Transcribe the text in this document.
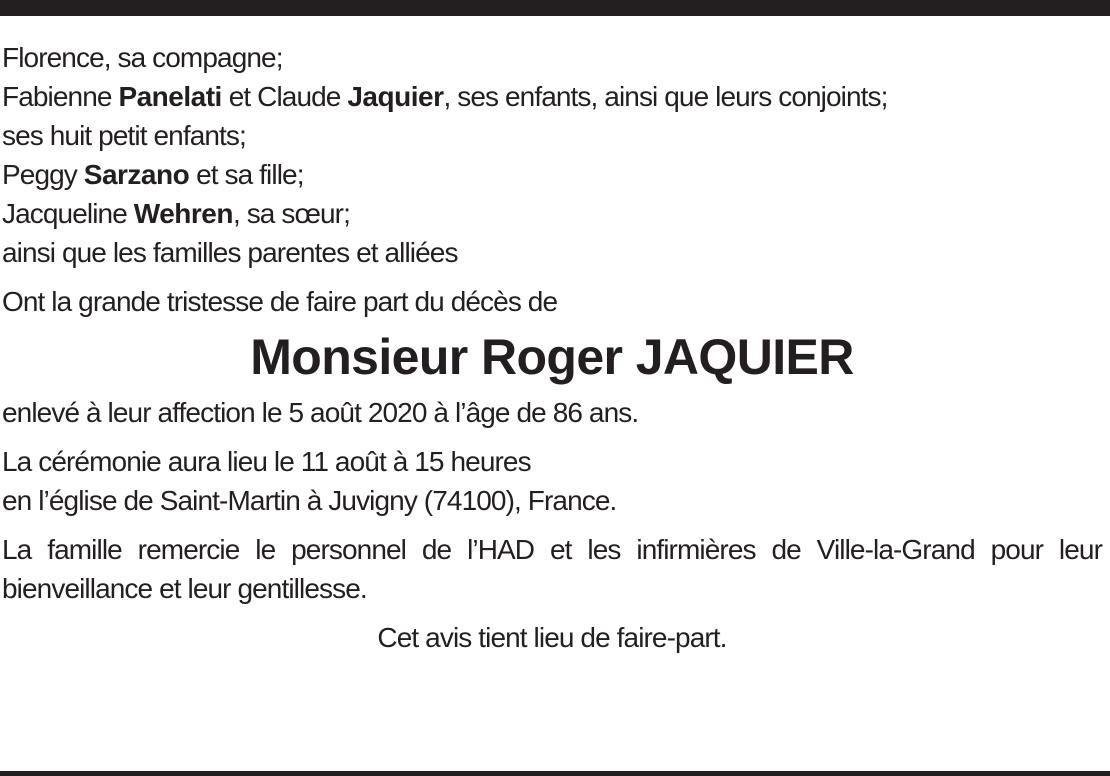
Florence, sa compagne;
Fabienne Panelati et Claude Jaquier, ses enfants, ainsi que leurs conjoints;
ses huit petit enfants;
Peggy Sarzano et sa fille;
Jacqueline Wehren, sa sœur;
ainsi que les familles parentes et alliées
Ont la grande tristesse de faire part du décès de
Monsieur Roger JAQUIER
enlevé à leur affection le 5 août 2020 à l’âge de 86 ans.
La cérémonie aura lieu le 11 août à 15 heures
en l’église de Saint-Martin à Juvigny (74100), France.
La famille remercie le personnel de l’HAD et les infirmières de Ville-la-Grand pour leur bienveillance et leur gentillesse.
Cet avis tient lieu de faire-part.
